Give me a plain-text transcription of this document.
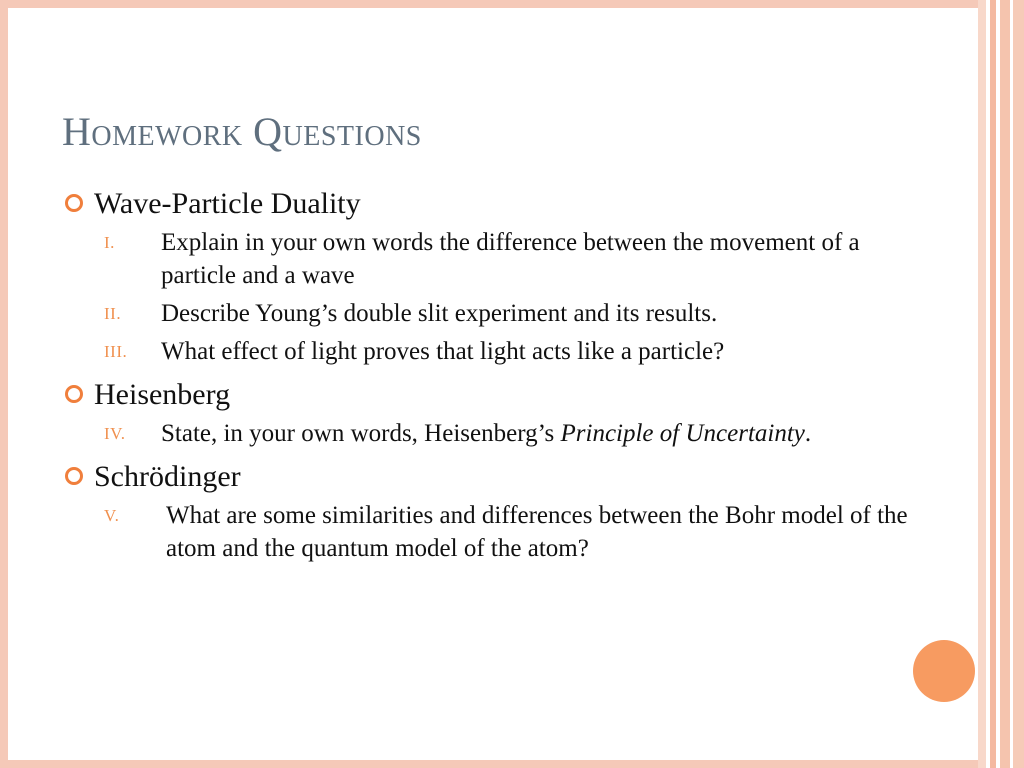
Homework Questions
Wave-Particle Duality
I. Explain in your own words the difference between the movement of a particle and a wave
II. Describe Young’s double slit experiment and its results.
III. What effect of light proves that light acts like a particle?
Heisenberg
IV. State, in your own words, Heisenberg’s Principle of Uncertainty.
Schrödinger
V. What are some similarities and differences between the Bohr model of the atom and the quantum model of the atom?
